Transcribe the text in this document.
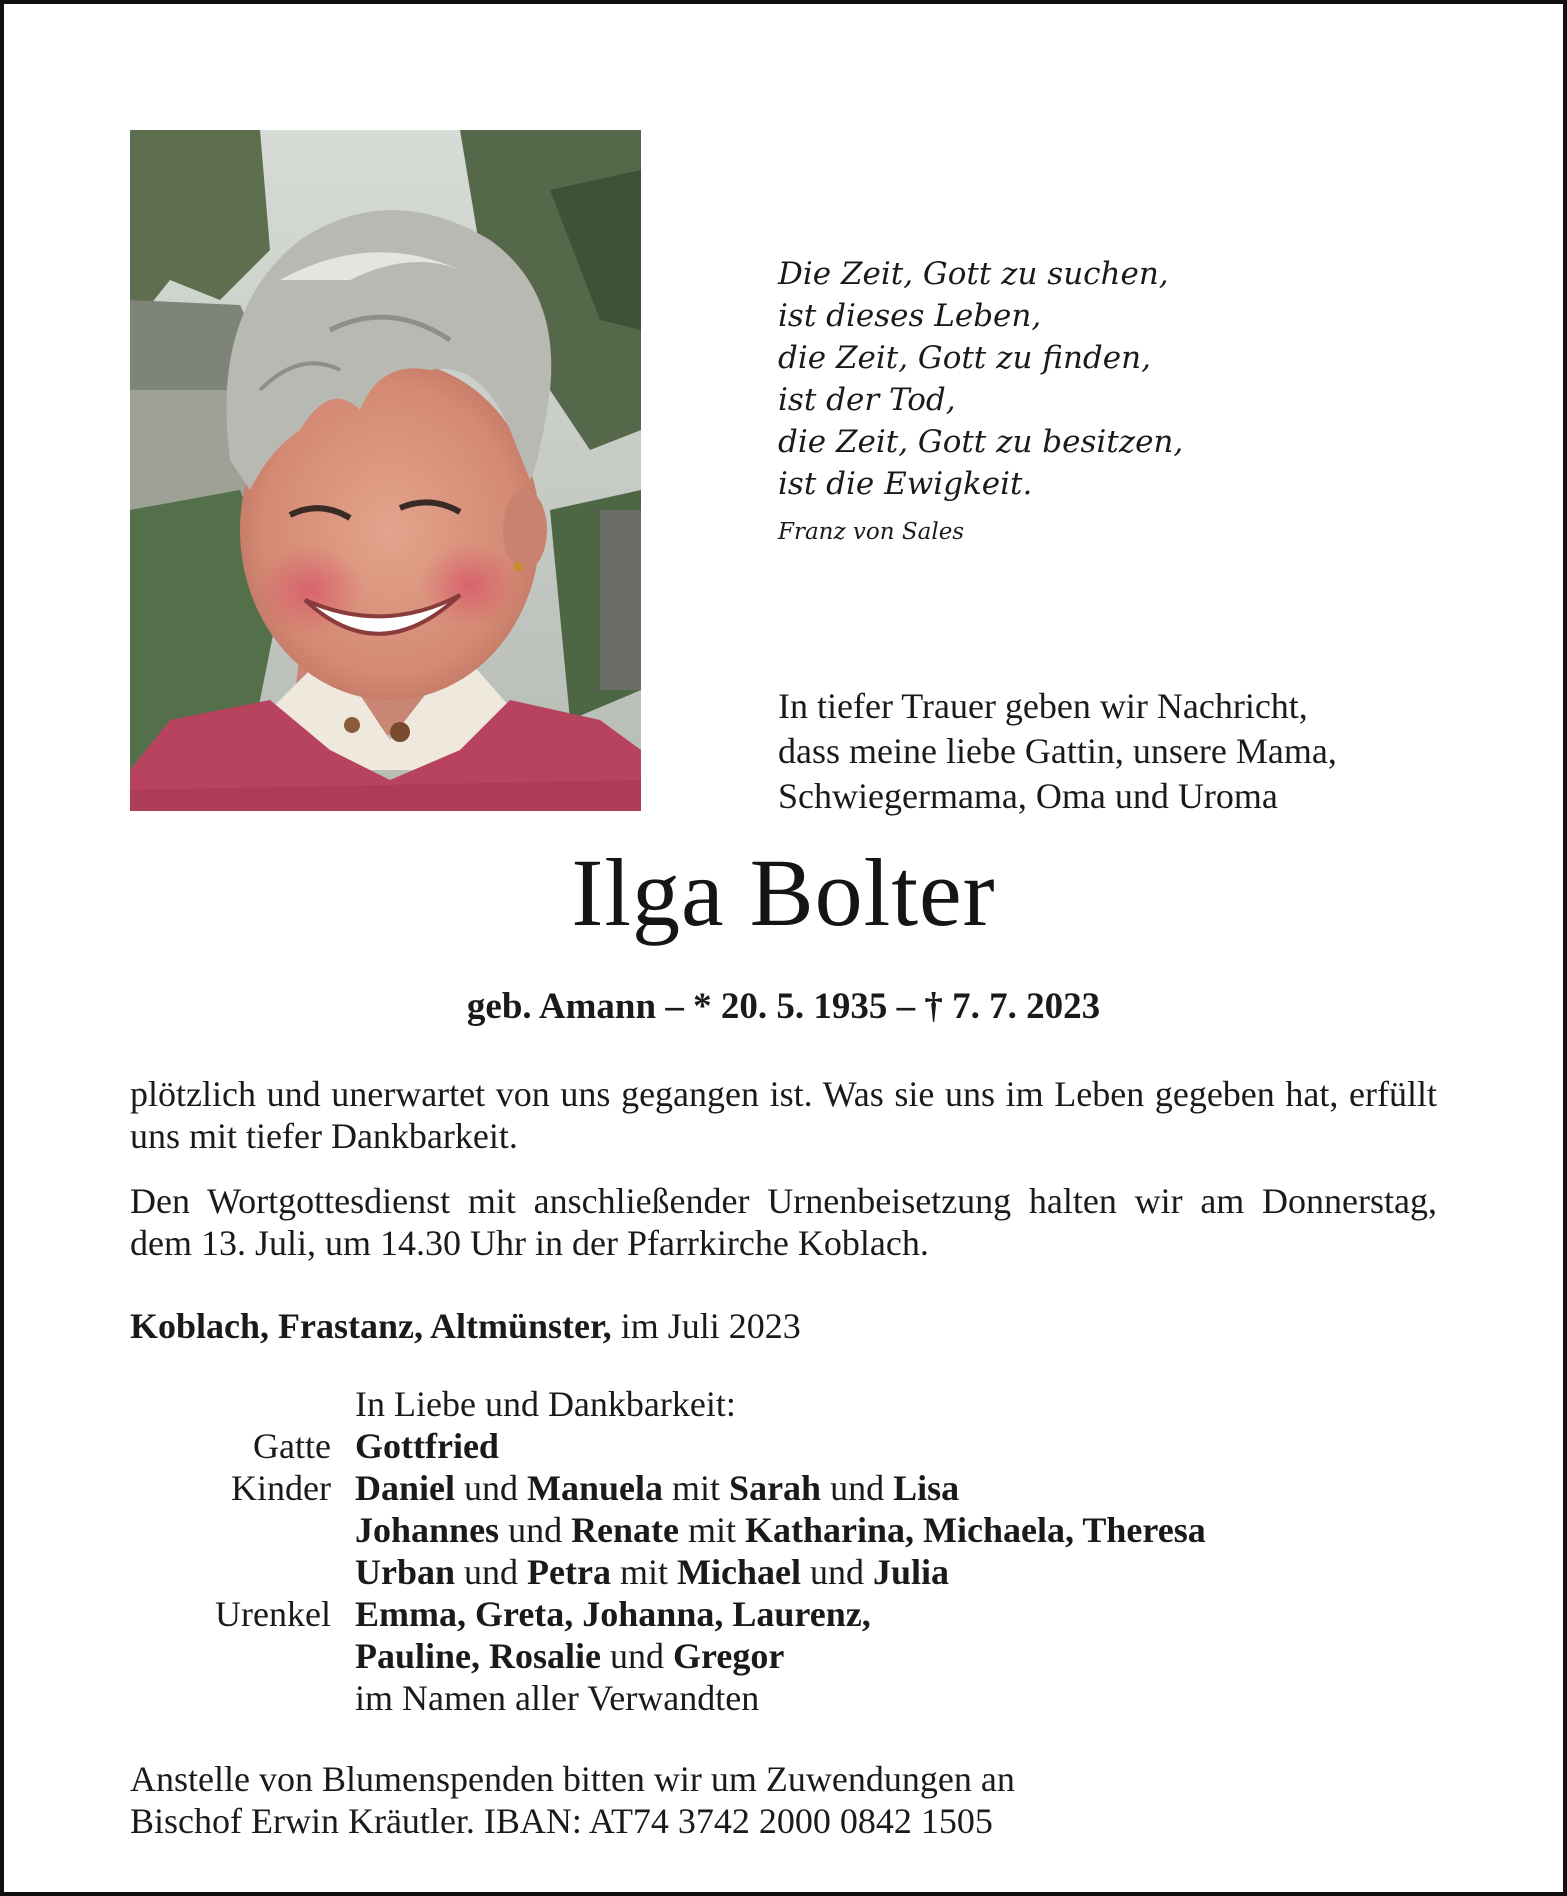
Die Zeit, Gott zu suchen,
ist dieses Leben,
die Zeit, Gott zu finden,
ist der Tod,
die Zeit, Gott zu besitzen,
ist die Ewigkeit.
Franz von Sales
In tiefer Trauer geben wir Nachricht,
dass meine liebe Gattin, unsere Mama,
Schwiegermama, Oma und Uroma
Ilga Bolter
geb. Amann – * 20. 5. 1935 – † 7. 7. 2023
plötzlich und unerwartet von uns gegangen ist. Was sie uns im Leben gegeben hat, erfüllt uns mit tiefer Dankbarkeit.
Den Wortgottesdienst mit anschließender Urnenbeisetzung halten wir am Donnerstag, dem 13. Juli, um 14.30 Uhr in der Pfarrkirche Koblach.
Koblach, Frastanz, Altmünster, im Juli 2023
In Liebe und Dankbarkeit:
Gatte Gottfried
Kinder Daniel und Manuela mit Sarah und Lisa
Johannes und Renate mit Katharina, Michaela, Theresa
Urban und Petra mit Michael und Julia
Urenkel Emma, Greta, Johanna, Laurenz,
Pauline, Rosalie und Gregor
im Namen aller Verwandten
Anstelle von Blumenspenden bitten wir um Zuwendungen an
Bischof Erwin Kräutler. IBAN: AT74 3742 2000 0842 1505
